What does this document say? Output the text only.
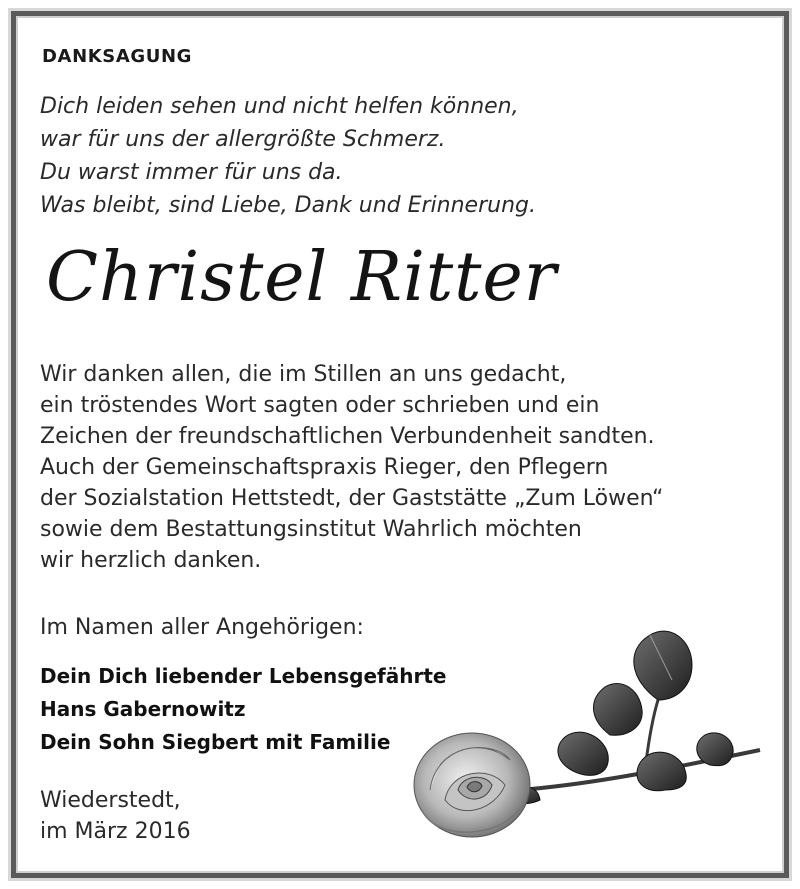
DANKSAGUNG
Dich leiden sehen und nicht helfen können,
war für uns der allergrößte Schmerz.
Du warst immer für uns da.
Was bleibt, sind Liebe, Dank und Erinnerung.
Christel Ritter
Wir danken allen, die im Stillen an uns gedacht,
ein tröstendes Wort sagten oder schrieben und ein
Zeichen der freundschaftlichen Verbundenheit sandten.
Auch der Gemeinschaftspraxis Rieger, den Pflegern
der Sozialstation Hettstedt, der Gaststätte „Zum Löwen“
sowie dem Bestattungsinstitut Wahrlich möchten
wir herzlich danken.
Im Namen aller Angehörigen:
Dein Dich liebender Lebensgefährte
Hans Gabernowitz
Dein Sohn Siegbert mit Familie
Wiederstedt,
im März 2016
